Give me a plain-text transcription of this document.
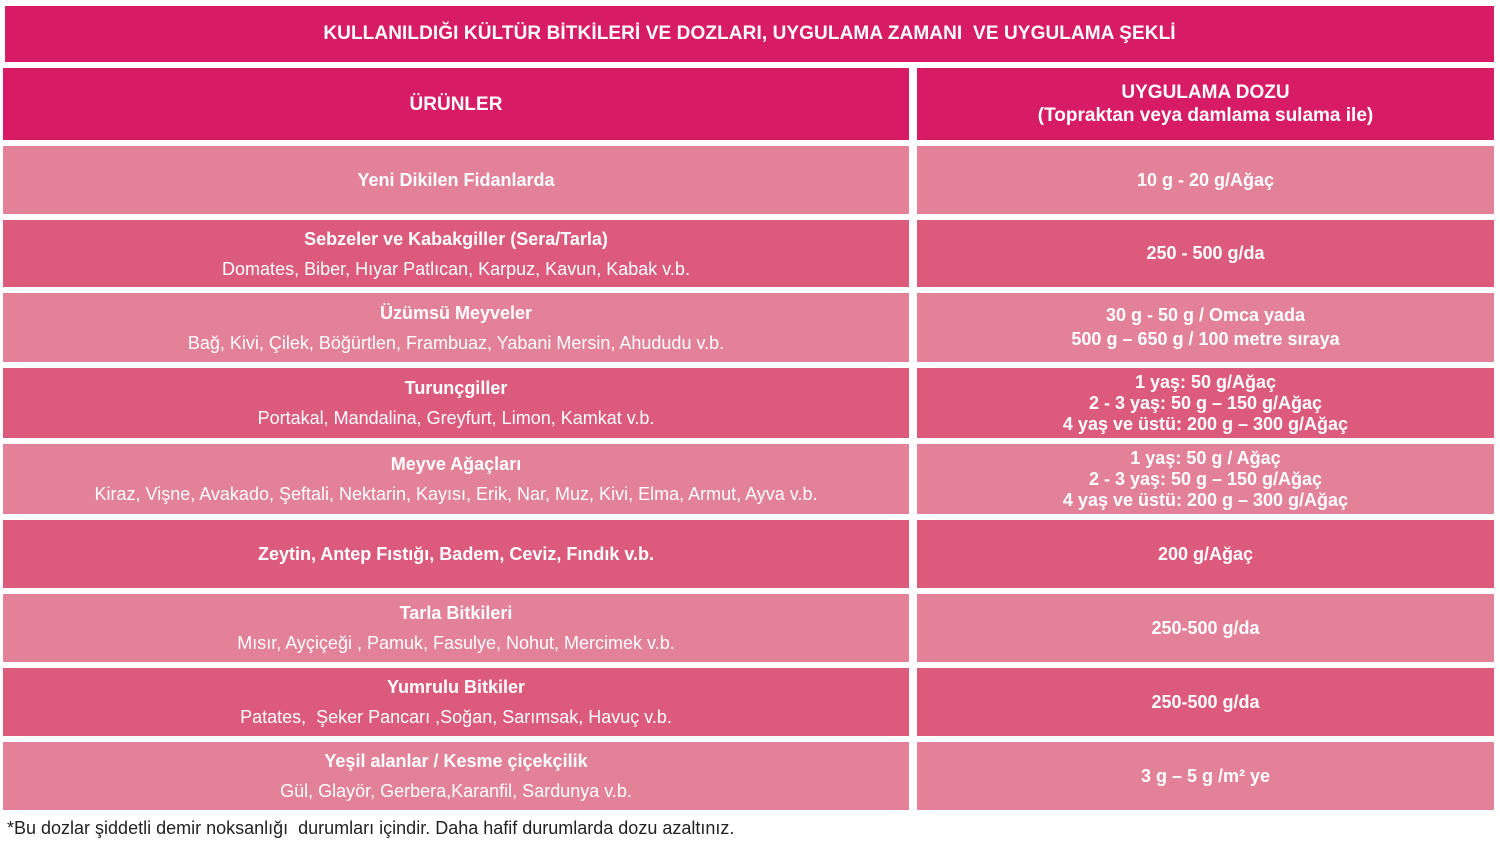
KULLANILDIĞI KÜLTÜR BİTKİLERİ VE DOZLARI, UYGULAMA ZAMANI  VE UYGULAMA ŞEKLİ
ÜRÜNLER
UYGULAMA DOZU
(Topraktan veya damlama sulama ile)
Yeni Dikilen Fidanlarda	10 g - 20 g/Ağaç
Sebzeler ve Kabakgiller (Sera/Tarla)
Domates, Biber, Hıyar Patlıcan, Karpuz, Kavun, Kabak v.b.
250 - 500 g/da
Üzümsü Meyveler
Bağ, Kivi, Çilek, Böğürtlen, Frambuaz, Yabani Mersin, Ahududu v.b.
30 g - 50 g / Omca yada
500 g – 650 g / 100 metre sıraya
Turunçgiller
Portakal, Mandalina, Greyfurt, Limon, Kamkat v.b.
1 yaş: 50 g/Ağaç
2 - 3 yaş: 50 g – 150 g/Ağaç
4 yaş ve üstü: 200 g – 300 g/Ağaç
Meyve Ağaçları
Kiraz, Vişne, Avakado, Şeftali, Nektarin, Kayısı, Erik, Nar, Muz, Kivi, Elma, Armut, Ayva v.b.
1 yaş: 50 g / Ağaç
2 - 3 yaş: 50 g – 150 g/Ağaç
4 yaş ve üstü: 200 g – 300 g/Ağaç
Zeytin, Antep Fıstığı, Badem, Ceviz, Fındık v.b.	200 g/Ağaç
Tarla Bitkileri
Mısır, Ayçiçeği , Pamuk, Fasulye, Nohut, Mercimek v.b.
250-500 g/da
Yumrulu Bitkiler
Patates,  Şeker Pancarı ,Soğan, Sarımsak, Havuç v.b.
250-500 g/da
Yeşil alanlar / Kesme çiçekçilik
Gül, Glayör, Gerbera,Karanfil, Sardunya v.b.
3 g – 5 g /m² ye
*Bu dozlar şiddetli demir noksanlığı  durumları içindir. Daha hafif durumlarda dozu azaltınız.
